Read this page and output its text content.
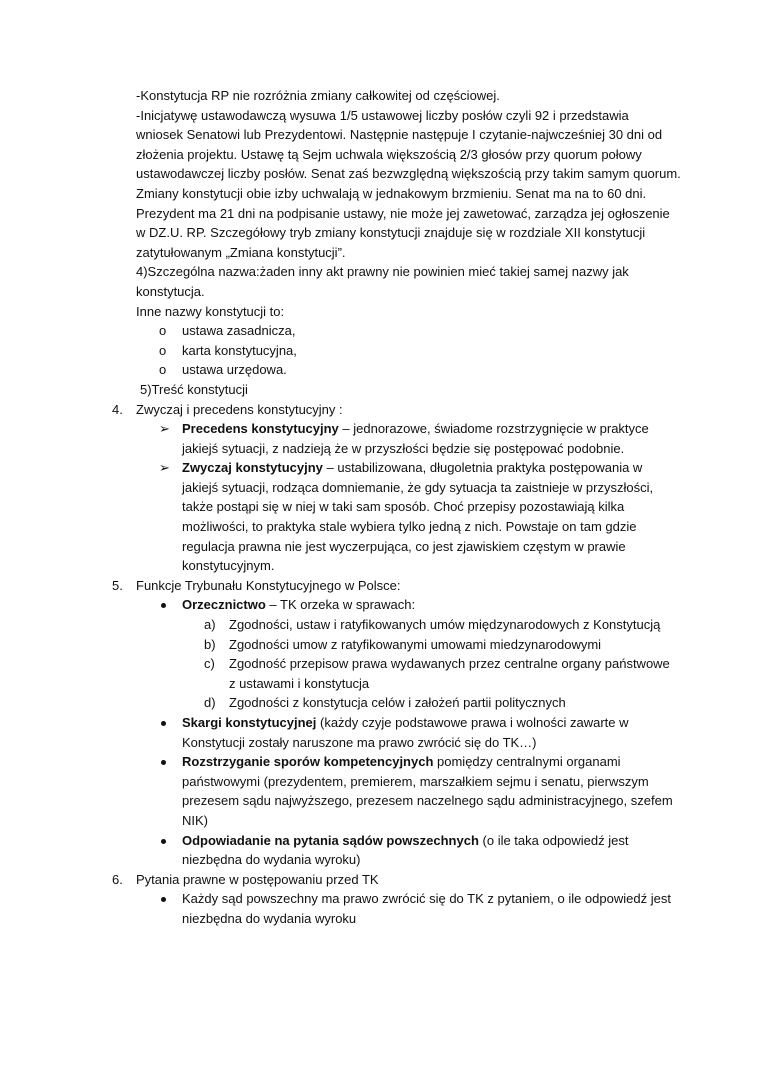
-Konstytucja RP nie rozróżnia zmiany całkowitej od częściowej.
-Inicjatywę ustawodawczą wysuwa 1/5 ustawowej liczby posłów czyli 92 i przedstawia
wniosek Senatowi lub Prezydentowi. Następnie następuje I czytanie-najwcześniej 30 dni od
złożenia projektu. Ustawę tą Sejm uchwala większością 2/3 głosów przy quorum połowy
ustawodawczej liczby posłów. Senat zaś bezwzględną większością przy takim samym quorum.
Zmiany konstytucji obie izby uchwalają w jednakowym brzmieniu. Senat ma na to 60 dni.
Prezydent ma 21 dni na podpisanie ustawy, nie może jej zawetować, zarządza jej ogłoszenie
w DZ.U. RP. Szczegółowy tryb zmiany konstytucji znajduje się w rozdziale XII konstytucji
zatytułowanym „Zmiana konstytucji”.
4)Szczególna nazwa:żaden inny akt prawny nie powinien mieć takiej samej nazwy jak
konstytucja.
Inne nazwy konstytucji to:
o ustawa zasadnicza,
o karta konstytucyjna,
o ustawa urzędowa.
5)Treść konstytucji
4. Zwyczaj i precedens konstytucyjny :
➢ Precedens konstytucyjny – jednorazowe, świadome rozstrzygnięcie w praktyce
jakiejś sytuacji, z nadzieją że w przyszłości będzie się postępować podobnie.
➢ Zwyczaj konstytucyjny – ustabilizowana, długoletnia praktyka postępowania w
jakiejś sytuacji, rodząca domniemanie, że gdy sytuacja ta zaistnieje w przyszłości,
także postąpi się w niej w taki sam sposób. Choć przepisy pozostawiają kilka
możliwości, to praktyka stale wybiera tylko jedną z nich. Powstaje on tam gdzie
regulacja prawna nie jest wyczerpująca, co jest zjawiskiem częstym w prawie
konstytucyjnym.
5. Funkcje Trybunału Konstytucyjnego w Polsce:
Orzecznictwo – TK orzeka w sprawach:
a) Zgodności, ustaw i ratyfikowanych umów międzynarodowych z Konstytucją
b) Zgodności umow z ratyfikowanymi umowami miedzynarodowymi
c) Zgodność przepisow prawa wydawanych przez centralne organy państwowe
z ustawami i konstytucja
d) Zgodności z konstytucja celów i założeń partii politycznych
Skargi konstytucyjnej (każdy czyje podstawowe prawa i wolności zawarte w
Konstytucji zostały naruszone ma prawo zwrócić się do TK…)
Rozstrzyganie sporów kompetencyjnych pomiędzy centralnymi organami
państwowymi (prezydentem, premierem, marszałkiem sejmu i senatu, pierwszym
prezesem sądu najwyższego, prezesem naczelnego sądu administracyjnego, szefem
NIK)
Odpowiadanie na pytania sądów powszechnych (o ile taka odpowiedź jest
niezbędna do wydania wyroku)
6. Pytania prawne w postępowaniu przed TK
Każdy sąd powszechny ma prawo zwrócić się do TK z pytaniem, o ile odpowiedź jest
niezbędna do wydania wyroku
